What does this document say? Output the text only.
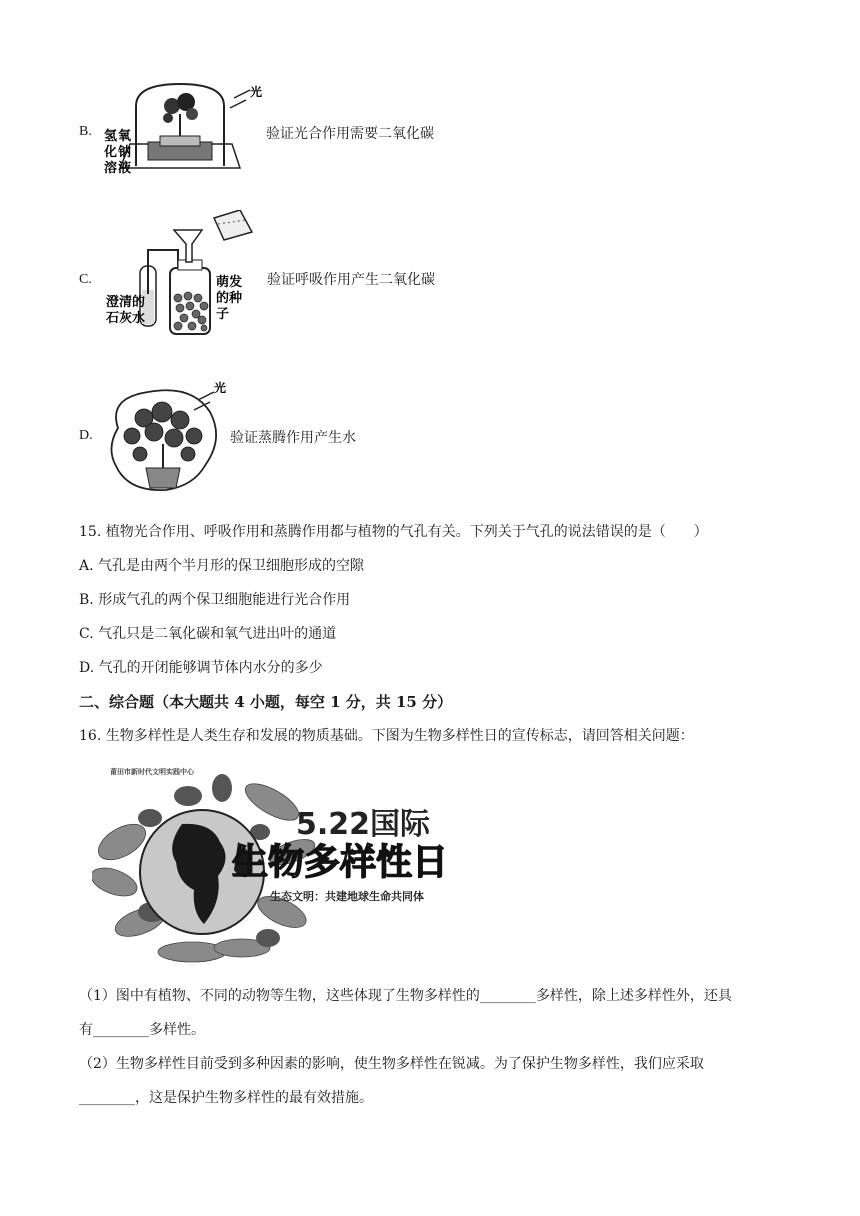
B.
光
氢 氧
化 钠
溶 液
验证光合作用需要二氧化碳
C.
澄清的
石灰水
萌发
的种
子
验证呼吸作用产生二氧化碳
D.
光
验证蒸腾作用产生水
15. 植物光合作用、呼吸作用和蒸腾作用都与植物的气孔有关。下列关于气孔的说法错误的是（　　）
A. 气孔是由两个半月形的保卫细胞形成的空隙
B. 形成气孔的两个保卫细胞能进行光合作用
C. 气孔只是二氧化碳和氧气进出叶的通道
D. 气孔的开闭能够调节体内水分的多少
二、综合题（本大题共 4 小题，每空 1 分，共 15 分）
16. 生物多样性是人类生存和发展的物质基础。下图为生物多样性日的宣传标志，请回答相关问题：
莆田市新时代文明实践中心
5.22国际
生物多样性日
生态文明：共建地球生命共同体
（1）图中有植物、不同的动物等生物，这些体现了生物多样性的________多样性，除上述多样性外，还具
有________多样性。
（2）生物多样性目前受到多种因素的影响，使生物多样性在锐减。为了保护生物多样性，我们应采取
________，这是保护生物多样性的最有效措施。
